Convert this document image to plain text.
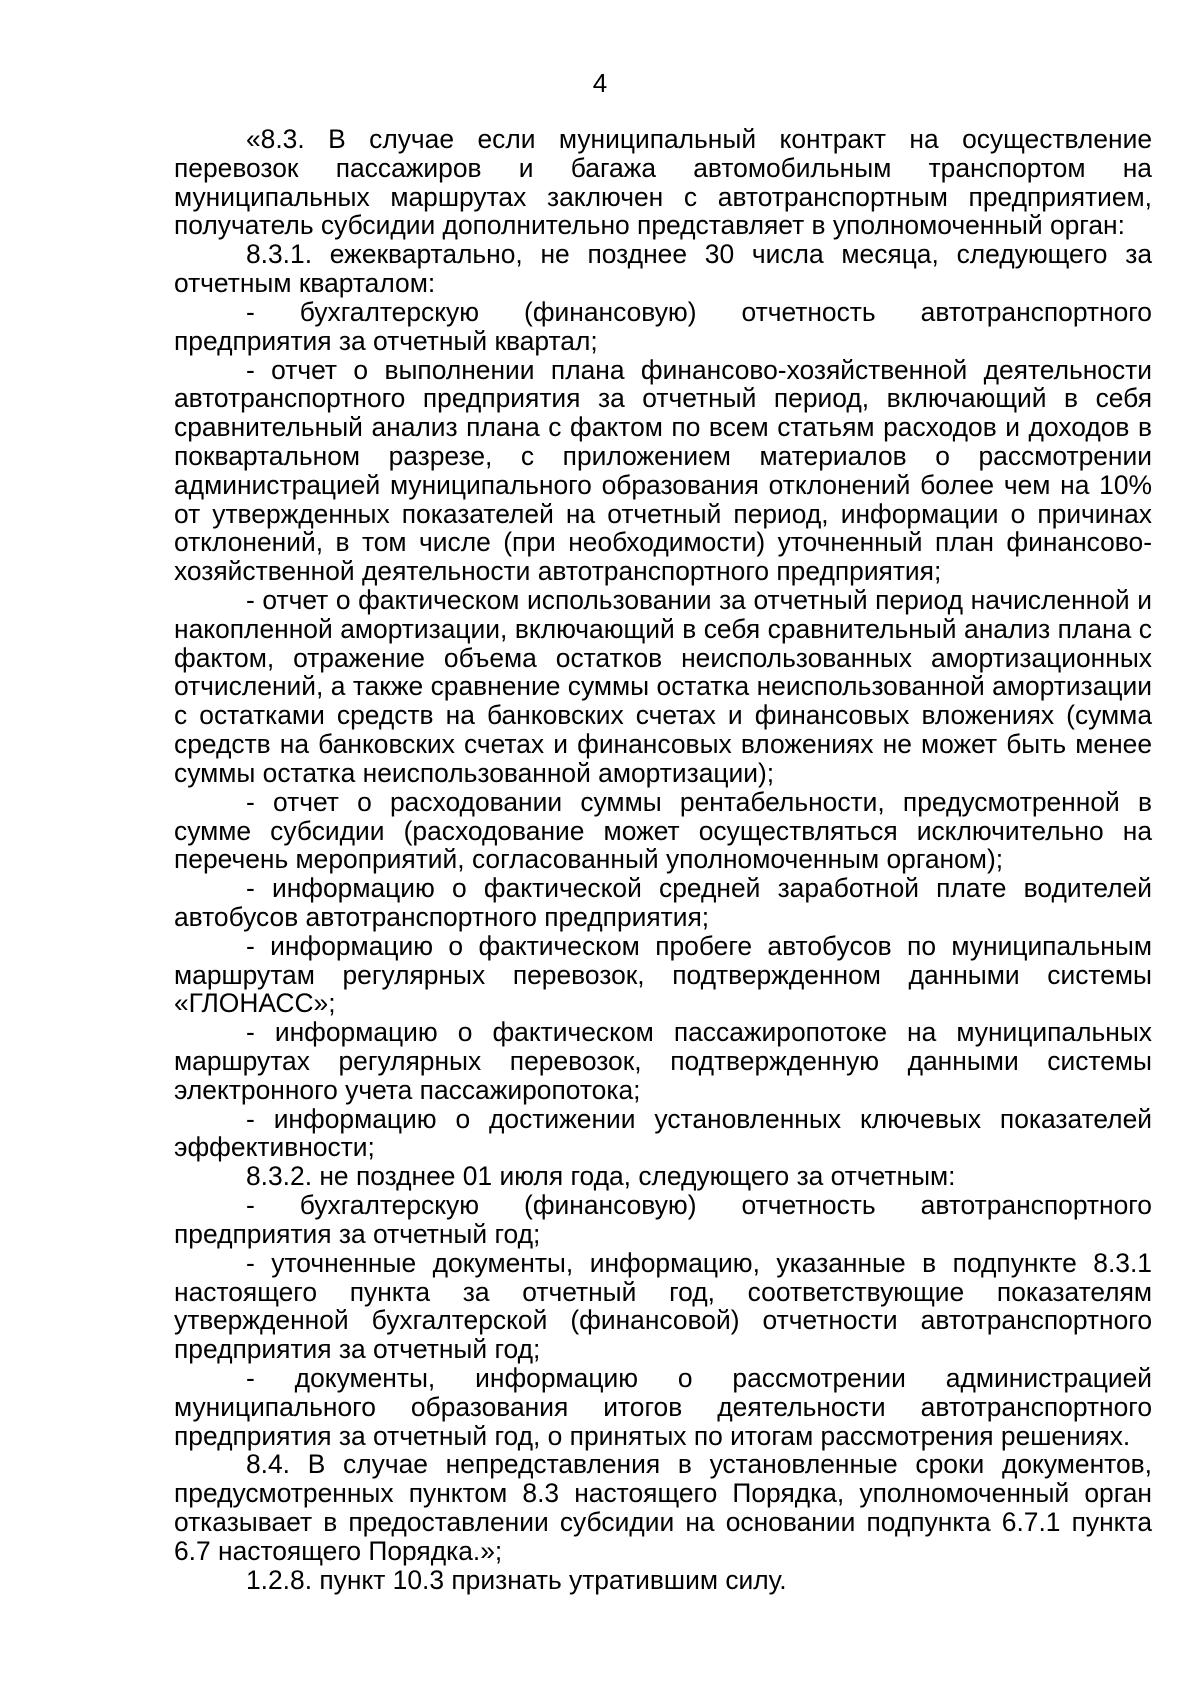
4

«8.3. В случае если муниципальный контракт на осуществление перевозок пассажиров и багажа автомобильным транспортом на муниципальных маршрутах заключен с автотранспортным предприятием, получатель субсидии дополнительно представляет в уполномоченный орган:

8.3.1. ежеквартально, не позднее 30 числа месяца, следующего за отчетным кварталом:

- бухгалтерскую (финансовую) отчетность автотранспортного предприятия за отчетный квартал;

- отчет о выполнении плана финансово-хозяйственной деятельности автотранспортного предприятия за отчетный период, включающий в себя сравнительный анализ плана с фактом по всем статьям расходов и доходов в поквартальном разрезе, с приложением материалов о рассмотрении администрацией муниципального образования отклонений более чем на 10% от утвержденных показателей на отчетный период, информации о причинах отклонений, в том числе (при необходимости) уточненный план финансово-хозяйственной деятельности автотранспортного предприятия;

- отчет о фактическом использовании за отчетный период начисленной и накопленной амортизации, включающий в себя сравнительный анализ плана с фактом, отражение объема остатков неиспользованных амортизационных отчислений, а также сравнение суммы остатка неиспользованной амортизации с остатками средств на банковских счетах и финансовых вложениях (сумма средств на банковских счетах и финансовых вложениях не может быть менее суммы остатка неиспользованной амортизации);

- отчет о расходовании суммы рентабельности, предусмотренной в сумме субсидии (расходование может осуществляться исключительно на перечень мероприятий, согласованный уполномоченным органом);

- информацию о фактической средней заработной плате водителей автобусов автотранспортного предприятия;

- информацию о фактическом пробеге автобусов по муниципальным маршрутам регулярных перевозок, подтвержденном данными системы «ГЛОНАСС»;

- информацию о фактическом пассажиропотоке на муниципальных маршрутах регулярных перевозок, подтвержденную данными системы электронного учета пассажиропотока;

- информацию о достижении установленных ключевых показателей эффективности;

8.3.2. не позднее 01 июля года, следующего за отчетным:

- бухгалтерскую (финансовую) отчетность автотранспортного предприятия за отчетный год;

- уточненные документы, информацию, указанные в подпункте 8.3.1 настоящего пункта за отчетный год, соответствующие показателям утвержденной бухгалтерской (финансовой) отчетности автотранспортного предприятия за отчетный год;

- документы, информацию о рассмотрении администрацией муниципального образования итогов деятельности автотранспортного предприятия за отчетный год, о принятых по итогам рассмотрения решениях.

8.4. В случае непредставления в установленные сроки документов, предусмотренных пунктом 8.3 настоящего Порядка, уполномоченный орган отказывает в предоставлении субсидии на основании подпункта 6.7.1 пункта 6.7 настоящего Порядка.»;

1.2.8. пункт 10.3 признать утратившим силу.
